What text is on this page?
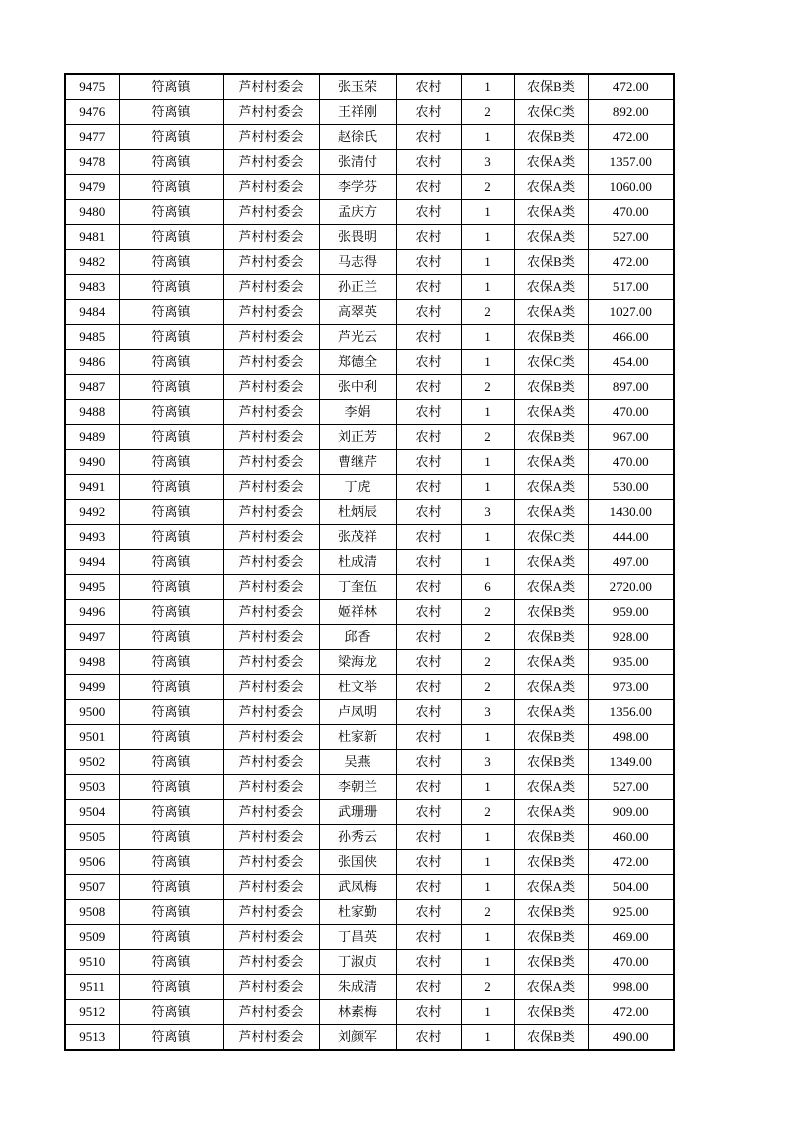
9475	符离镇	芦村村委会	张玉荣	农村	1	农保B类	472.00
9476	符离镇	芦村村委会	王祥刚	农村	2	农保C类	892.00
9477	符离镇	芦村村委会	赵徐氏	农村	1	农保B类	472.00
9478	符离镇	芦村村委会	张清付	农村	3	农保A类	1357.00
9479	符离镇	芦村村委会	李学芬	农村	2	农保A类	1060.00
9480	符离镇	芦村村委会	孟庆方	农村	1	农保A类	470.00
9481	符离镇	芦村村委会	张畏明	农村	1	农保A类	527.00
9482	符离镇	芦村村委会	马志得	农村	1	农保B类	472.00
9483	符离镇	芦村村委会	孙正兰	农村	1	农保A类	517.00
9484	符离镇	芦村村委会	高翠英	农村	2	农保A类	1027.00
9485	符离镇	芦村村委会	芦光云	农村	1	农保B类	466.00
9486	符离镇	芦村村委会	郑德全	农村	1	农保C类	454.00
9487	符离镇	芦村村委会	张中利	农村	2	农保B类	897.00
9488	符离镇	芦村村委会	李娟	农村	1	农保A类	470.00
9489	符离镇	芦村村委会	刘正芳	农村	2	农保B类	967.00
9490	符离镇	芦村村委会	曹继芹	农村	1	农保A类	470.00
9491	符离镇	芦村村委会	丁虎	农村	1	农保A类	530.00
9492	符离镇	芦村村委会	杜炳辰	农村	3	农保A类	1430.00
9493	符离镇	芦村村委会	张茂祥	农村	1	农保C类	444.00
9494	符离镇	芦村村委会	杜成清	农村	1	农保A类	497.00
9495	符离镇	芦村村委会	丁奎伍	农村	6	农保A类	2720.00
9496	符离镇	芦村村委会	姬祥林	农村	2	农保B类	959.00
9497	符离镇	芦村村委会	邱香	农村	2	农保B类	928.00
9498	符离镇	芦村村委会	梁海龙	农村	2	农保A类	935.00
9499	符离镇	芦村村委会	杜文举	农村	2	农保A类	973.00
9500	符离镇	芦村村委会	卢凤明	农村	3	农保A类	1356.00
9501	符离镇	芦村村委会	杜家新	农村	1	农保B类	498.00
9502	符离镇	芦村村委会	吴燕	农村	3	农保B类	1349.00
9503	符离镇	芦村村委会	李朝兰	农村	1	农保A类	527.00
9504	符离镇	芦村村委会	武珊珊	农村	2	农保A类	909.00
9505	符离镇	芦村村委会	孙秀云	农村	1	农保B类	460.00
9506	符离镇	芦村村委会	张国侠	农村	1	农保B类	472.00
9507	符离镇	芦村村委会	武凤梅	农村	1	农保A类	504.00
9508	符离镇	芦村村委会	杜家勤	农村	2	农保B类	925.00
9509	符离镇	芦村村委会	丁昌英	农村	1	农保B类	469.00
9510	符离镇	芦村村委会	丁淑贞	农村	1	农保B类	470.00
9511	符离镇	芦村村委会	朱成清	农村	2	农保A类	998.00
9512	符离镇	芦村村委会	林素梅	农村	1	农保B类	472.00
9513	符离镇	芦村村委会	刘颜军	农村	1	农保B类	490.00
